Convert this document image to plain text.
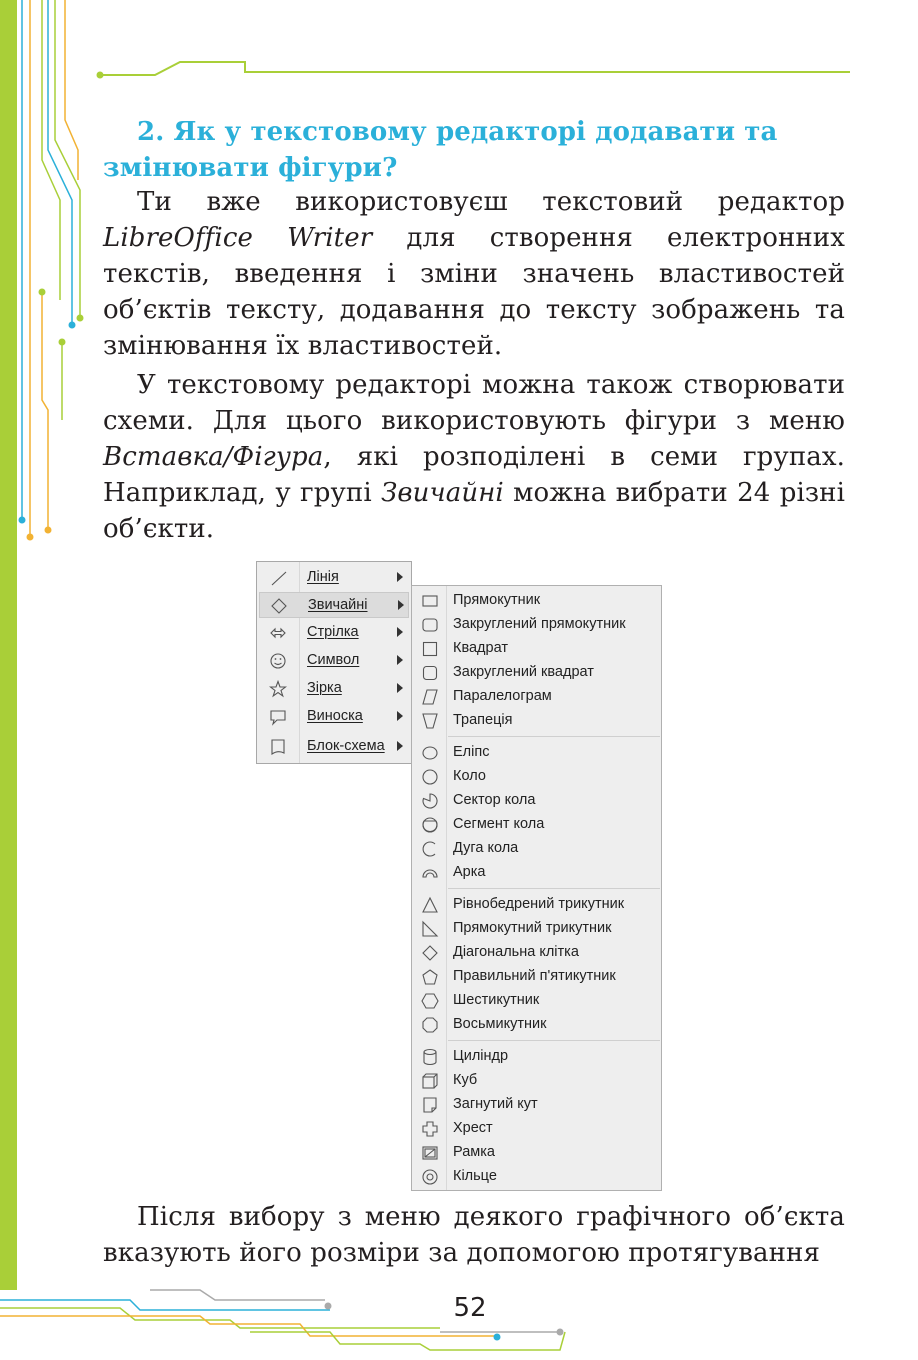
2. Як у текстовому редакторі додавати та змінювати фігури?

Ти вже використовуєш текстовий редактор LibreOffice Writer для створення електронних текстів, введення і зміни значень властивостей об’єктів тексту, додавання до тексту зображень та змінювання їх властивостей.

У текстовому редакторі можна також створювати схеми. Для цього використовують фігури з меню Вставка/Фігура, які розподілені в семи групах. Наприклад, у групі Звичайні можна вибрати 24 різні об’єкти.

Лінія
Звичайні
Стрілка
Символ
Зірка
Виноска
Блок-схема
Прямокутник
Закруглений прямокутник
Квадрат
Закруглений квадрат
Паралелограм
Трапеція
Еліпс
Коло
Сектор кола
Сегмент кола
Дуга кола
Арка
Рівнобедрений трикутник
Прямокутний трикутник
Діагональна клітка
Правильний п'ятикутник
Шестикутник
Восьмикутник
Циліндр
Куб
Загнутий кут
Хрест
Рамка
Кільце

Після вибору з меню деякого графічного об’єкта вказують його розміри за допомогою протягування

52
